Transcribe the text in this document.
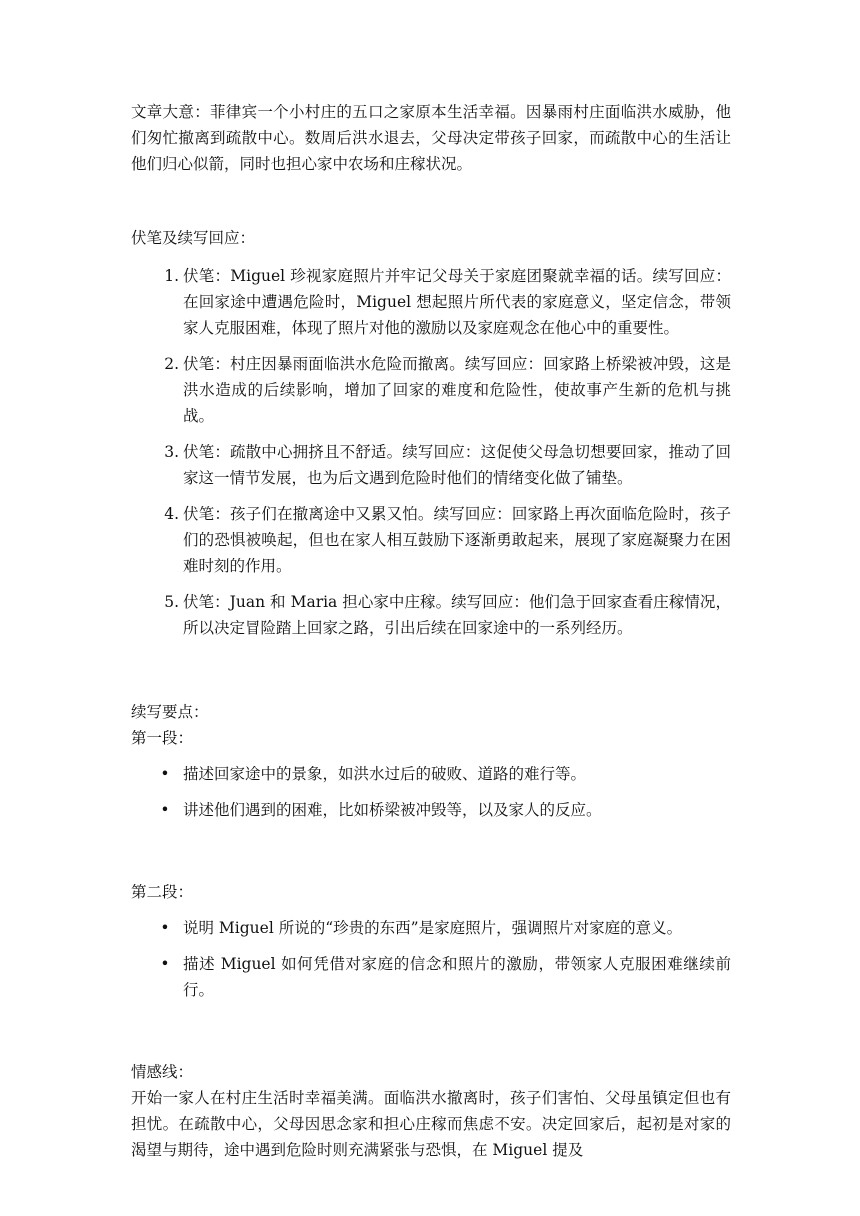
文章大意：菲律宾一个小村庄的五口之家原本生活幸福。因暴雨村庄面临洪水威胁，他们匆忙撤离到疏散中心。数周后洪水退去，父母决定带孩子回家，而疏散中心的生活让他们归心似箭，同时也担心家中农场和庄稼状况。

伏笔及续写回应：

1. 伏笔：Miguel 珍视家庭照片并牢记父母关于家庭团聚就幸福的话。续写回应：在回家途中遭遇危险时，Miguel 想起照片所代表的家庭意义，坚定信念，带领家人克服困难，体现了照片对他的激励以及家庭观念在他心中的重要性。
2. 伏笔：村庄因暴雨面临洪水危险而撤离。续写回应：回家路上桥梁被冲毁，这是洪水造成的后续影响，增加了回家的难度和危险性，使故事产生新的危机与挑战。
3. 伏笔：疏散中心拥挤且不舒适。续写回应：这促使父母急切想要回家，推动了回家这一情节发展，也为后文遇到危险时他们的情绪变化做了铺垫。
4. 伏笔：孩子们在撤离途中又累又怕。续写回应：回家路上再次面临危险时，孩子们的恐惧被唤起，但也在家人相互鼓励下逐渐勇敢起来，展现了家庭凝聚力在困难时刻的作用。
5. 伏笔：Juan 和 Maria 担心家中庄稼。续写回应：他们急于回家查看庄稼情况，所以决定冒险踏上回家之路，引出后续在回家途中的一系列经历。

续写要点：

第一段：

• 描述回家途中的景象，如洪水过后的破败、道路的难行等。
• 讲述他们遇到的困难，比如桥梁被冲毁等，以及家人的反应。

第二段：

• 说明 Miguel 所说的“珍贵的东西”是家庭照片，强调照片对家庭的意义。
• 描述 Miguel 如何凭借对家庭的信念和照片的激励，带领家人克服困难继续前行。

情感线：

开始一家人在村庄生活时幸福美满。面临洪水撤离时，孩子们害怕、父母虽镇定但也有担忧。在疏散中心，父母因思念家和担心庄稼而焦虑不安。决定回家后，起初是对家的渴望与期待，途中遇到危险时则充满紧张与恐惧，在 Miguel 提及
